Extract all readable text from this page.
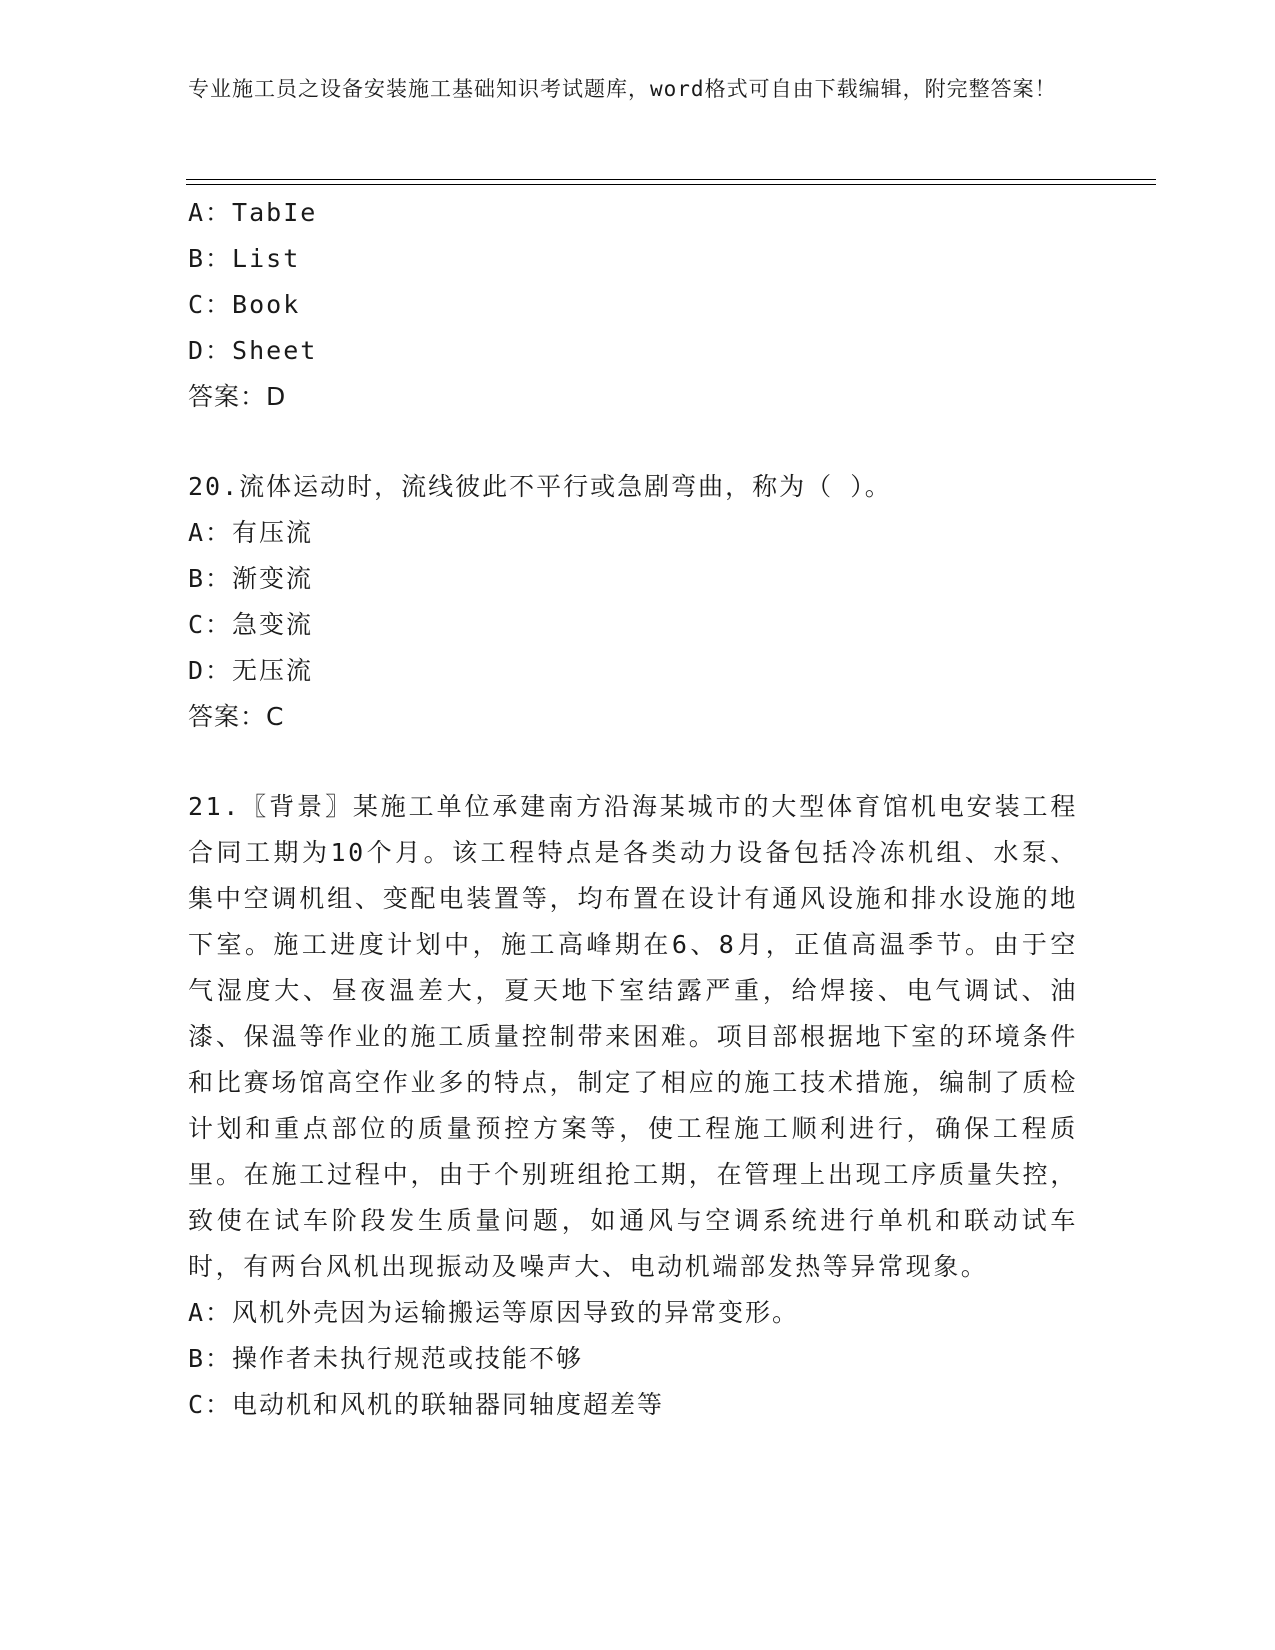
专业施工员之设备安装施工基础知识考试题库，word格式可自由下载编辑，附完整答案！
A：TabIe
B：List
C：Book
D：Sheet
答案：D
20.流体运动时，流线彼此不平行或急剧弯曲，称为（ ）。
A：有压流
B：渐变流
C：急变流
D：无压流
答案：C
21.〖背景〗某施工单位承建南方沿海某城市的大型体育馆机电安装工程合同工期为10个月。该工程特点是各类动力设备包括冷冻机组、水泵、集中空调机组、变配电装置等，均布置在设计有通风设施和排水设施的地下室。施工进度计划中，施工高峰期在6、8月，正值高温季节。由于空气湿度大、昼夜温差大，夏天地下室结露严重，给焊接、电气调试、油漆、保温等作业的施工质量控制带来困难。项目部根据地下室的环境条件和比赛场馆高空作业多的特点，制定了相应的施工技术措施，编制了质检计划和重点部位的质量预控方案等，使工程施工顺利进行，确保工程质里。在施工过程中，由于个别班组抢工期，在管理上出现工序质量失控，致使在试车阶段发生质量问题，如通风与空调系统进行单机和联动试车时，有两台风机出现振动及噪声大、电动机端部发热等异常现象。
A：风机外壳因为运输搬运等原因导致的异常变形。
B：操作者未执行规范或技能不够
C：电动机和风机的联轴器同轴度超差等
